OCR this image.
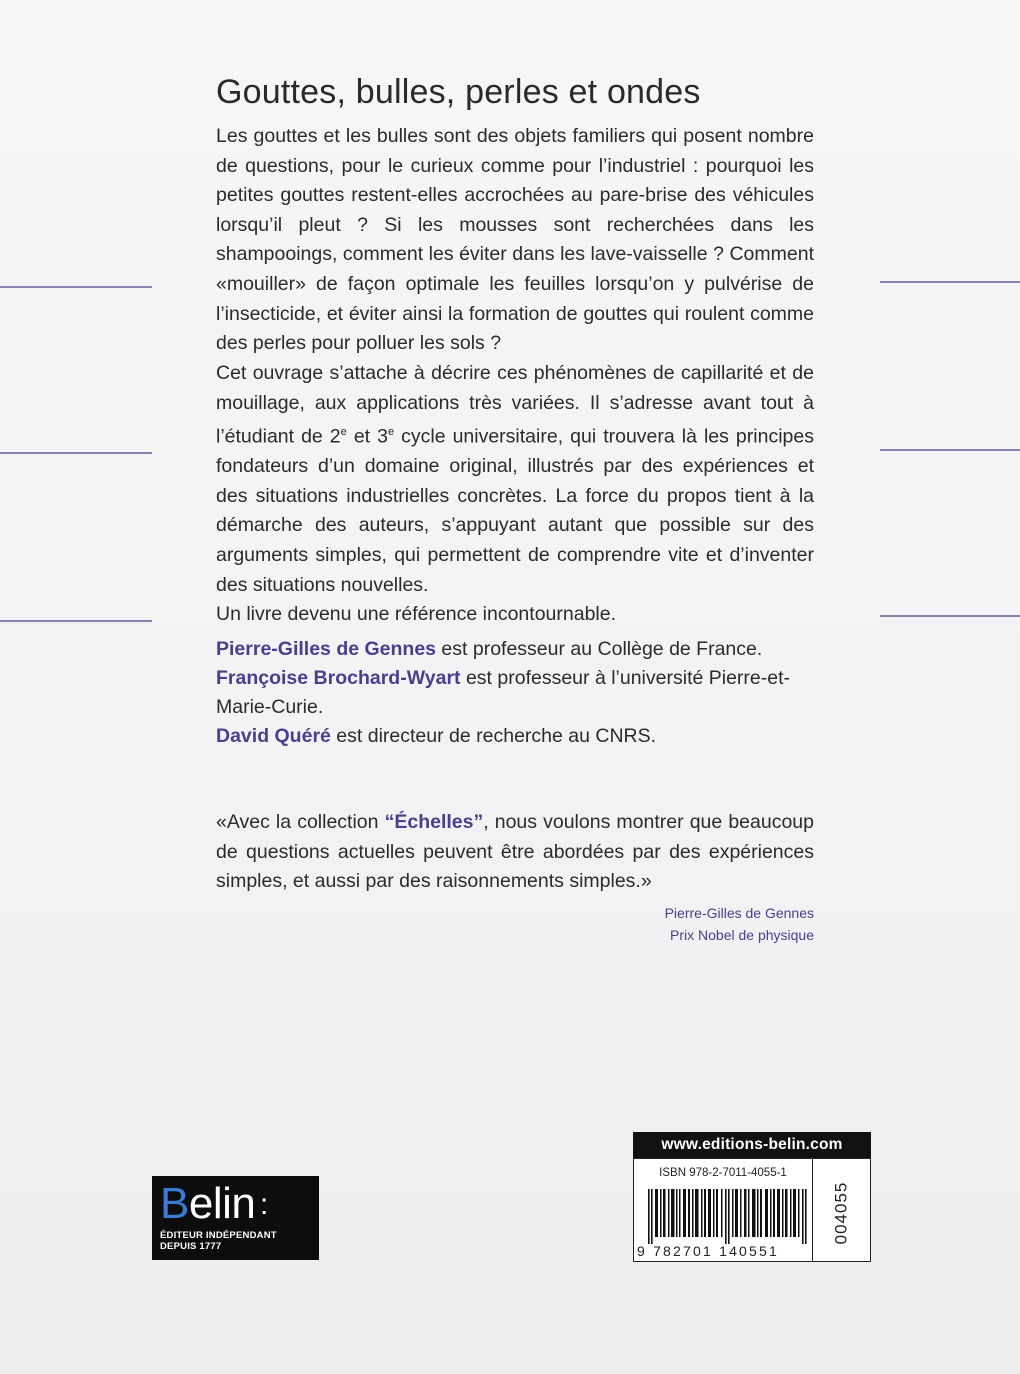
Gouttes, bulles, perles et ondes
Les gouttes et les bulles sont des objets familiers qui posent nombre de questions, pour le curieux comme pour l’industriel : pourquoi les petites gouttes restent-elles accrochées au pare-brise des véhicules lorsqu’il pleut ? Si les mousses sont recherchées dans les shampooings, comment les éviter dans les lave-vaisselle ? Comment «mouiller» de façon optimale les feuilles lorsqu’on y pulvérise de l’insecticide, et éviter ainsi la formation de gouttes qui roulent comme des perles pour polluer les sols ?
Cet ouvrage s’attache à décrire ces phénomènes de capillarité et de mouillage, aux applications très variées. Il s’adresse avant tout à l’étudiant de 2e et 3e cycle universitaire, qui trouvera là les principes fondateurs d’un domaine original, illustrés par des expériences et des situations industrielles concrètes. La force du propos tient à la démarche des auteurs, s’appuyant autant que possible sur des arguments simples, qui permettent de comprendre vite et d’inventer des situations nouvelles.
Un livre devenu une référence incontournable.
Pierre-Gilles de Gennes est professeur au Collège de France.
Françoise Brochard-Wyart est professeur à l’université Pierre-et-Marie-Curie.
David Quéré est directeur de recherche au CNRS.
«Avec la collection “Échelles”, nous voulons montrer que beaucoup de questions actuelles peuvent être abordées par des expériences simples, et aussi par des raisonnements simples.»
Pierre-Gilles de Gennes
Prix Nobel de physique
www.editions-belin.com
ISBN 978-2-7011-4055-1
9 782701 140551
004055
Belin :
ÉDITEUR INDÉPENDANT
DEPUIS 1777
